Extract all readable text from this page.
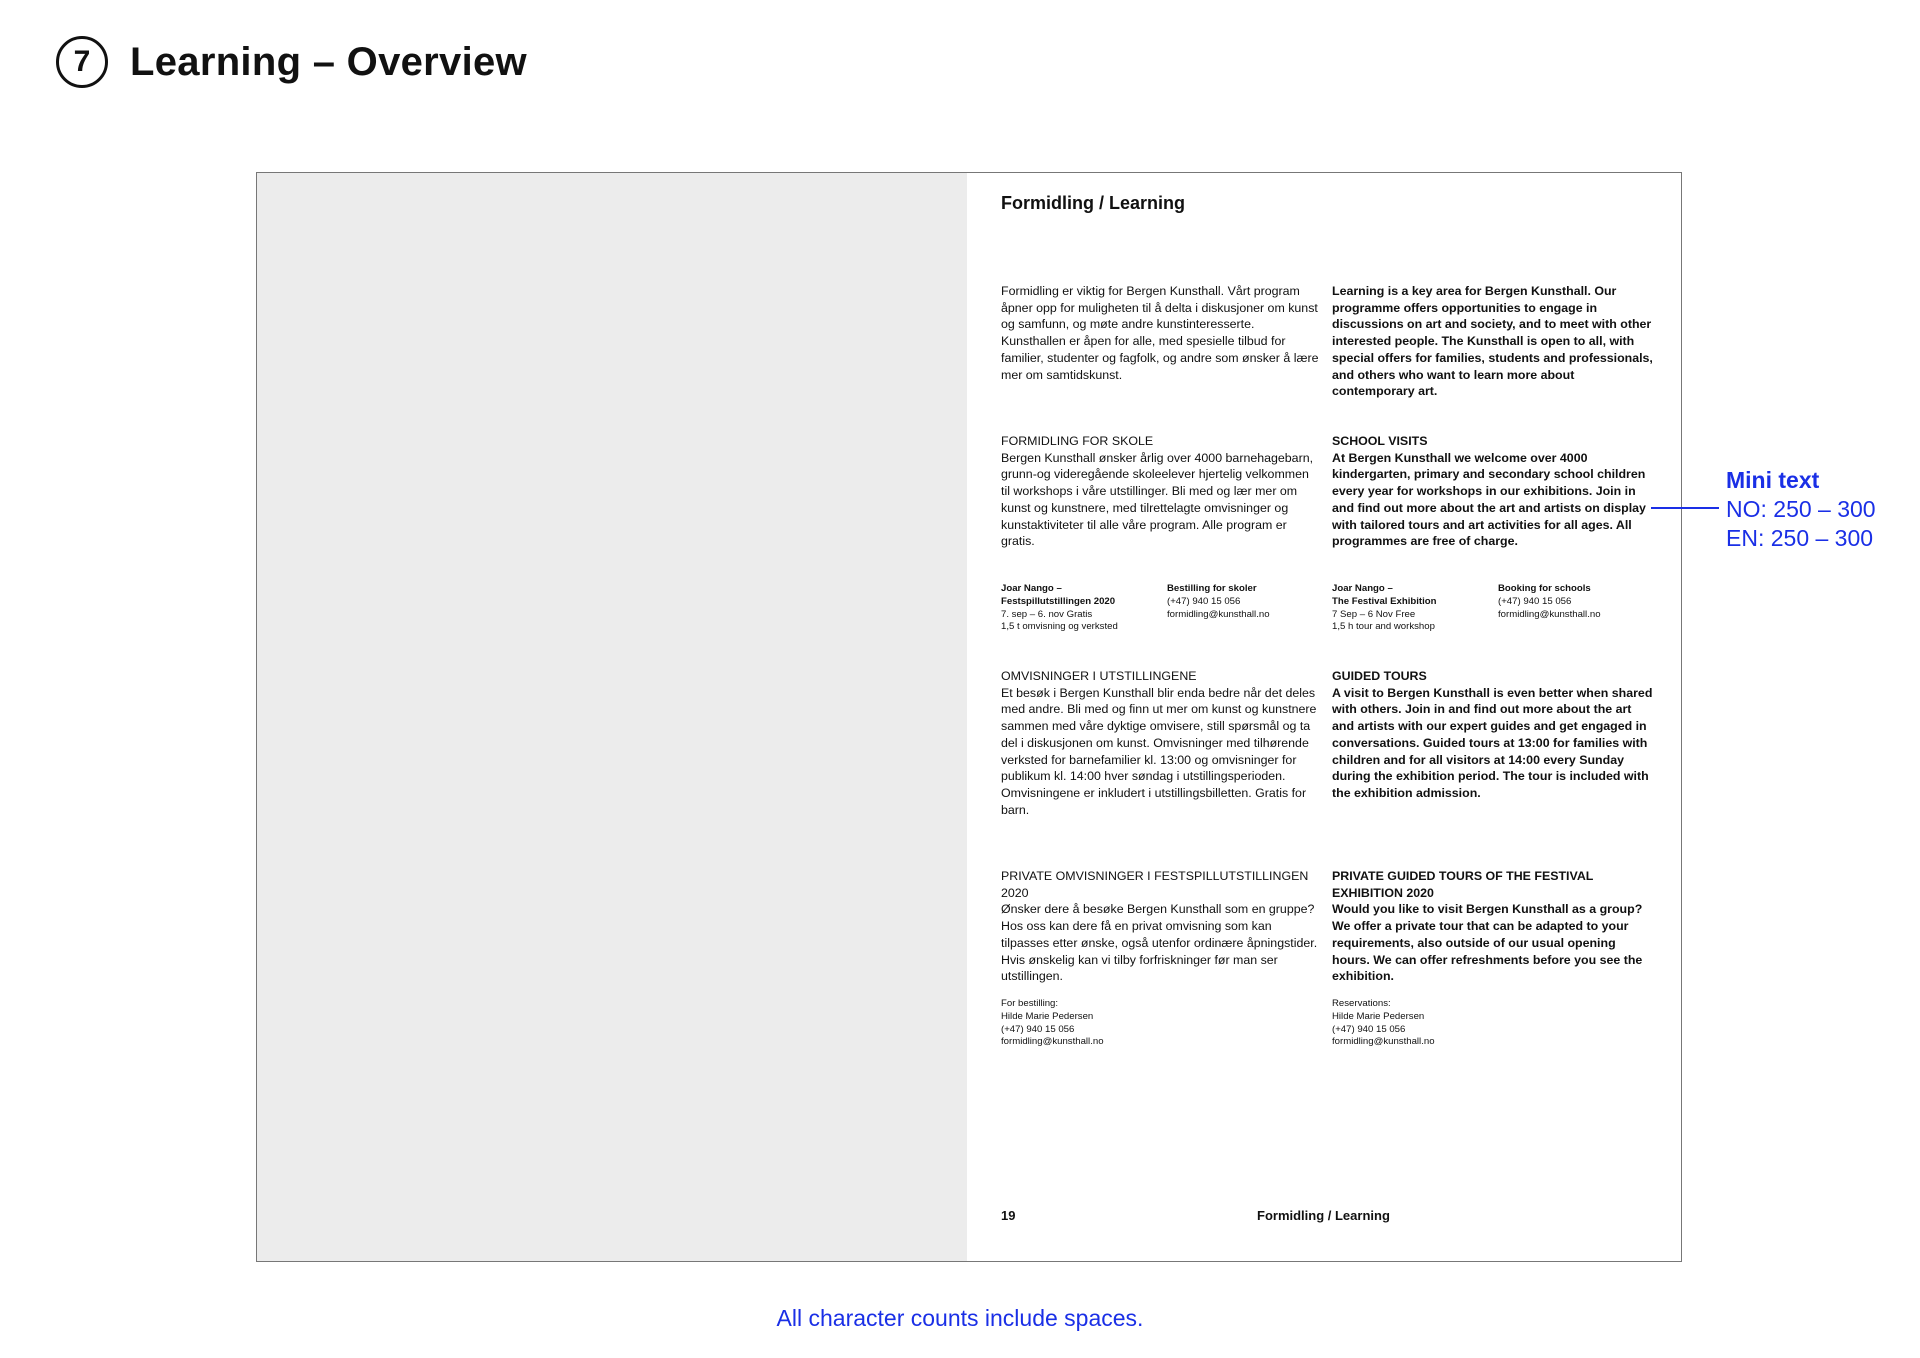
7 Learning – Overview
Formidling / Learning

Formidling er viktig for Bergen Kunsthall. Vårt program åpner opp for muligheten til å delta i diskusjoner om kunst og samfunn, og møte andre kunstinteresserte. Kunsthallen er åpen for alle, med spesielle tilbud for familier, studenter og fagfolk, og andre som ønsker å lære mer om samtidskunst.

Learning is a key area for Bergen Kunsthall. Our programme offers opportunities to engage in discussions on art and society, and to meet with other interested people. The Kunsthall is open to all, with special offers for families, students and professionals, and others who want to learn more about contemporary art.

FORMIDLING FOR SKOLE
Bergen Kunsthall ønsker årlig over 4000 barnehagebarn, grunn-og videregående skoleelever hjertelig velkommen til workshops i våre utstillinger. Bli med og lær mer om kunst og kunstnere, med tilrettelagte omvisninger og kunstaktiviteter til alle våre program. Alle program er gratis.
SCHOOL VISITS
At Bergen Kunsthall we welcome over 4000 kindergarten, primary and secondary school children every year for workshops in our exhibitions. Join in and find out more about the art and artists on display with tailored tours and art activities for all ages. All programmes are free of charge.
Joar Nango –
Festspillutstillingen 2020
7. sep – 6. nov Gratis
1,5 t omvisning og verksted
Bestilling for skoler
(+47) 940 15 056
formidling@kunsthall.no
Joar Nango –
The Festival Exhibition
7 Sep – 6 Nov Free
1,5 h tour and workshop
Booking for schools
(+47) 940 15 056
formidling@kunsthall.no
OMVISNINGER I UTSTILLINGENE
Et besøk i Bergen Kunsthall blir enda bedre når det deles med andre. Bli med og finn ut mer om kunst og kunstnere sammen med våre dyktige omvisere, still spørsmål og ta del i diskusjonen om kunst. Omvisninger med tilhørende verksted for barnefamilier kl. 13:00 og omvisninger for publikum kl. 14:00 hver søndag i utstillingsperioden. Omvisningene er inkludert i utstillingsbilletten. Gratis for barn.
GUIDED TOURS
A visit to Bergen Kunsthall is even better when shared with others. Join in and find out more about the art and artists with our expert guides and get engaged in conversations. Guided tours at 13:00 for families with children and for all visitors at 14:00 every Sunday during the exhibition period. The tour is included with the exhibition admission.
PRIVATE OMVISNINGER I FESTSPILLUTSTILLINGEN 2020
Ønsker dere å besøke Bergen Kunsthall som en gruppe? Hos oss kan dere få en privat omvisning som kan tilpasses etter ønske, også utenfor ordinære åpningstider. Hvis ønskelig kan vi tilby forfriskninger før man ser utstillingen.
PRIVATE GUIDED TOURS OF THE FESTIVAL EXHIBITION 2020
Would you like to visit Bergen Kunsthall as a group? We offer a private tour that can be adapted to your requirements, also outside of our usual opening hours. We can offer refreshments before you see the exhibition.
For bestilling:
Hilde Marie Pedersen
(+47) 940 15 056
formidling@kunsthall.no
Reservations:
Hilde Marie Pedersen
(+47) 940 15 056
formidling@kunsthall.no
19	Formidling / Learning
Mini text
NO: 250 – 300
EN: 250 – 300
All character counts include spaces.
